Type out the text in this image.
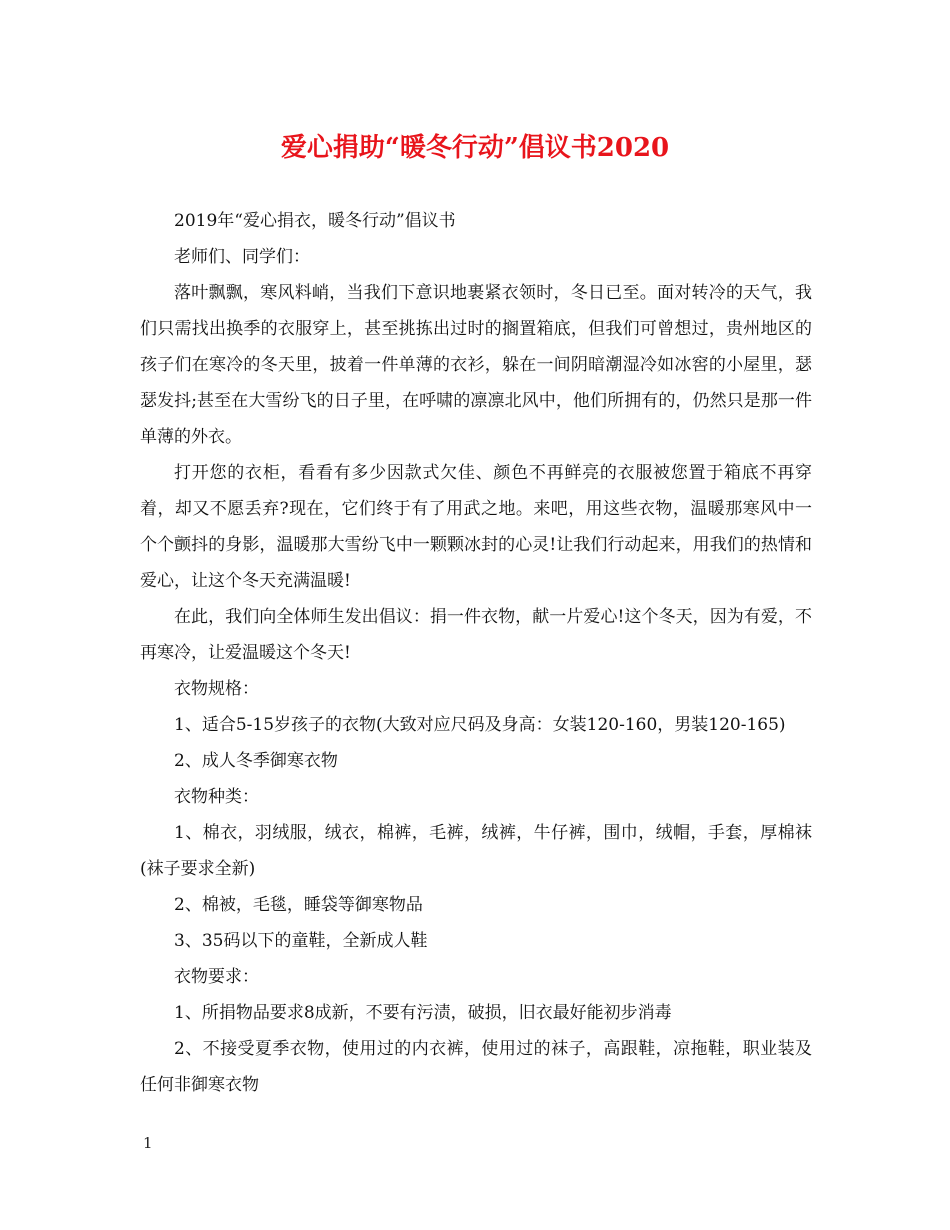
爱心捐助“暖冬行动”倡议书2020

2019年“爱心捐衣，暖冬行动”倡议书

老师们、同学们：

落叶飘飘，寒风料峭，当我们下意识地裹紧衣领时，冬日已至。面对转冷的天气，我们只需找出换季的衣服穿上，甚至挑拣出过时的搁置箱底，但我们可曾想过，贵州地区的孩子们在寒冷的冬天里，披着一件单薄的衣衫，躲在一间阴暗潮湿冷如冰窖的小屋里，瑟瑟发抖;甚至在大雪纷飞的日子里，在呼啸的凛凛北风中，他们所拥有的，仍然只是那一件单薄的外衣。

打开您的衣柜，看看有多少因款式欠佳、颜色不再鲜亮的衣服被您置于箱底不再穿着，却又不愿丢弃?现在，它们终于有了用武之地。来吧，用这些衣物，温暖那寒风中一个个颤抖的身影，温暖那大雪纷飞中一颗颗冰封的心灵!让我们行动起来，用我们的热情和爱心，让这个冬天充满温暖!

在此，我们向全体师生发出倡议：捐一件衣物，献一片爱心!这个冬天，因为有爱，不再寒冷，让爱温暖这个冬天!

衣物规格：

1、适合5-15岁孩子的衣物(大致对应尺码及身高：女装120-160，男装120-165)

2、成人冬季御寒衣物

衣物种类：

1、棉衣，羽绒服，绒衣，棉裤，毛裤，绒裤，牛仔裤，围巾，绒帽，手套，厚棉袜(袜子要求全新)

2、棉被，毛毯，睡袋等御寒物品

3、35码以下的童鞋，全新成人鞋

衣物要求：

1、所捐物品要求8成新，不要有污渍，破损，旧衣最好能初步消毒

2、不接受夏季衣物，使用过的内衣裤，使用过的袜子，高跟鞋，凉拖鞋，职业装及任何非御寒衣物

1
